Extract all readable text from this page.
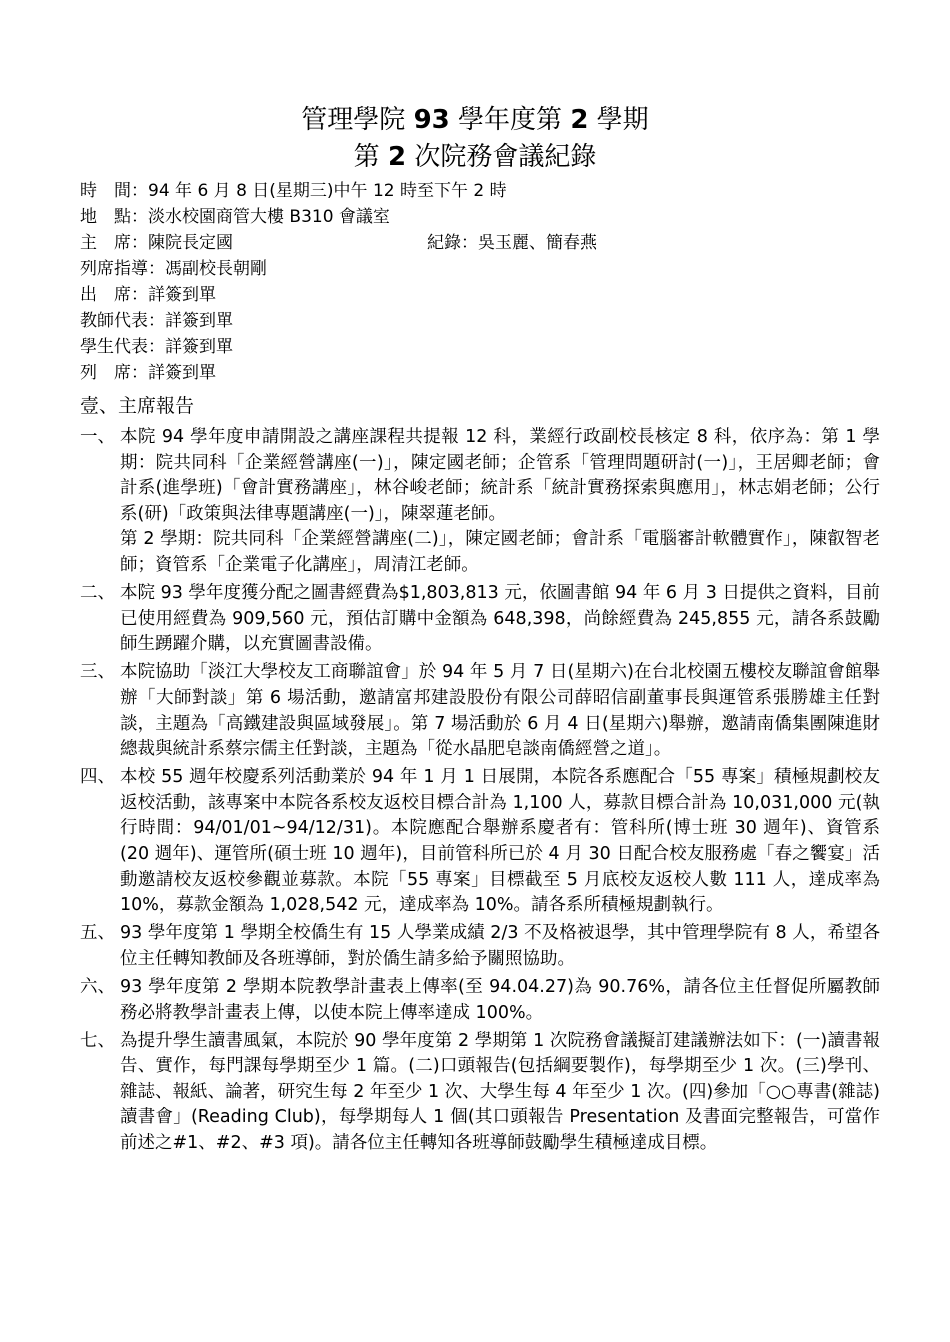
管理學院 93 學年度第 2 學期
第 2 次院務會議紀錄
時　間：94 年 6 月 8 日(星期三)中午 12 時至下午 2 時
地　點：淡水校園商管大樓 B310 會議室
主　席：陳院長定國	紀錄：吳玉麗、簡春燕
列席指導：馮副校長朝剛
出　席：詳簽到單
教師代表：詳簽到單
學生代表：詳簽到單
列　席：詳簽到單
壹、主席報告
一、 本院 94 學年度申請開設之講座課程共提報 12 科，業經行政副校長核定 8 科，依序為：第 1 學期：院共同科「企業經營講座(一)」，陳定國老師；企管系「管理問題研討(一)」，王居卿老師；會計系(進學班)「會計實務講座」，林谷峻老師；統計系「統計實務探索與應用」，林志娟老師；公行系(研)「政策與法律專題講座(一)」，陳翠蓮老師。

第 2 學期：院共同科「企業經營講座(二)」，陳定國老師；會計系「電腦審計軟體實作」，陳叡智老師；資管系「企業電子化講座」，周清江老師。

二、 本院 93 學年度獲分配之圖書經費為$1,803,813 元，依圖書館 94 年 6 月 3 日提供之資料，目前已使用經費為 909,560 元，預估訂購中金額為 648,398，尚餘經費為 245,855 元，請各系鼓勵師生踴躍介購，以充實圖書設備。

三、 本院協助「淡江大學校友工商聯誼會」於 94 年 5 月 7 日(星期六)在台北校園五樓校友聯誼會館舉辦「大師對談」第 6 場活動，邀請富邦建設股份有限公司薛昭信副董事長與運管系張勝雄主任對談，主題為「高鐵建設與區域發展」。第 7 場活動於 6 月 4 日(星期六)舉辦，邀請南僑集團陳進財總裁與統計系蔡宗儒主任對談，主題為「從水晶肥皂談南僑經營之道」。

四、 本校 55 週年校慶系列活動業於 94 年 1 月 1 日展開，本院各系應配合「55 專案」積極規劃校友返校活動，該專案中本院各系校友返校目標合計為 1,100 人，募款目標合計為 10,031,000 元(執行時間：94/01/01~94/12/31)。本院應配合舉辦系慶者有：管科所(博士班 30 週年)、資管系(20 週年)、運管所(碩士班 10 週年)，目前管科所已於 4 月 30 日配合校友服務處「春之饗宴」活動邀請校友返校參觀並募款。本院「55 專案」目標截至 5 月底校友返校人數 111 人，達成率為 10%，募款金額為 1,028,542 元，達成率為 10%。請各系所積極規劃執行。

五、 93 學年度第 1 學期全校僑生有 15 人學業成績 2/3 不及格被退學，其中管理學院有 8 人，希望各位主任轉知教師及各班導師，對於僑生請多給予關照協助。

六、 93 學年度第 2 學期本院教學計畫表上傳率(至 94.04.27)為 90.76%，請各位主任督促所屬教師務必將教學計畫表上傳，以使本院上傳率達成 100%。

七、 為提升學生讀書風氣，本院於 90 學年度第 2 學期第 1 次院務會議擬訂建議辦法如下：(一)讀書報告、實作，每門課每學期至少 1 篇。(二)口頭報告(包括綱要製作)，每學期至少 1 次。(三)學刊、雜誌、報紙、論著，研究生每 2 年至少 1 次、大學生每 4 年至少 1 次。(四)參加「○○專書(雜誌)讀書會」(Reading Club)，每學期每人 1 個(其口頭報告 Presentation 及書面完整報告，可當作前述之#1、#2、#3 項)。請各位主任轉知各班導師鼓勵學生積極達成目標。
